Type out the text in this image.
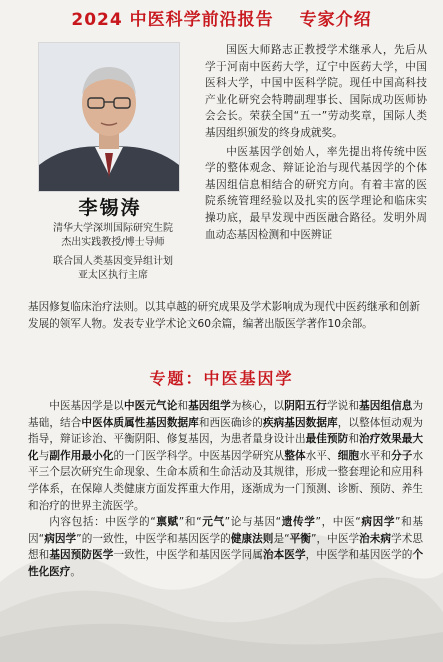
2024 中医科学前沿报告 专家介绍
李锡涛
清华大学深圳国际研究生院
杰出实践教授/博士导师
联合国人类基因变异组计划
亚太区执行主席

国医大师路志正教授学术继承人，先后从学于河南中医药大学，辽宁中医药大学，中国医科大学，中国中医科学院。现任中国高科技产业化研究会特聘副理事长、国际成功医师协会会长。荣获全国“五一”劳动奖章，国际人类基因组织颁发的终身成就奖。

中医基因学创始人，率先提出将传统中医学的整体观念、辩证论治与现代基因学的个体基因组信息相结合的研究方向。有着丰富的医院系统管理经验以及扎实的医学理论和临床实操功底，最早发现中西医融合路径。发明外周血动态基因检测和中医辨证

基因修复临床治疗法则。以其卓越的研究成果及学术影响成为现代中医药继承和创新发展的领军人物。发表专业学术论文60余篇，编著出版医学著作10余部。

专题：中医基因学

中医基因学是以中医元气论和基因组学为核心，以阴阳五行学说和基因组信息为基础，结合中医体质属性基因数据库和西医确诊的疾病基因数据库，以整体恒动观为指导，辩证诊治、平衡阴阳、修复基因，为患者量身设计出最佳预防和治疗效果最大化与副作用最小化的一门医学科学。中医基因学研究从整体水平、细胞水平和分子水平三个层次研究生命现象、生命本质和生命活动及其规律，形成一整套理论和应用科学体系，在保障人类健康方面发挥重大作用，逐渐成为一门预测、诊断、预防、养生和治疗的世界主流医学。

内容包括：中医学的“禀赋”和“元气”论与基因“遗传学”，中医“病因学”和基因“病因学”的一致性，中医学和基因医学的健康法则是“平衡”，中医学治未病学术思想和基因预防医学一致性，中医学和基因医学同属治本医学，中医学和基因医学的个性化医疗。
